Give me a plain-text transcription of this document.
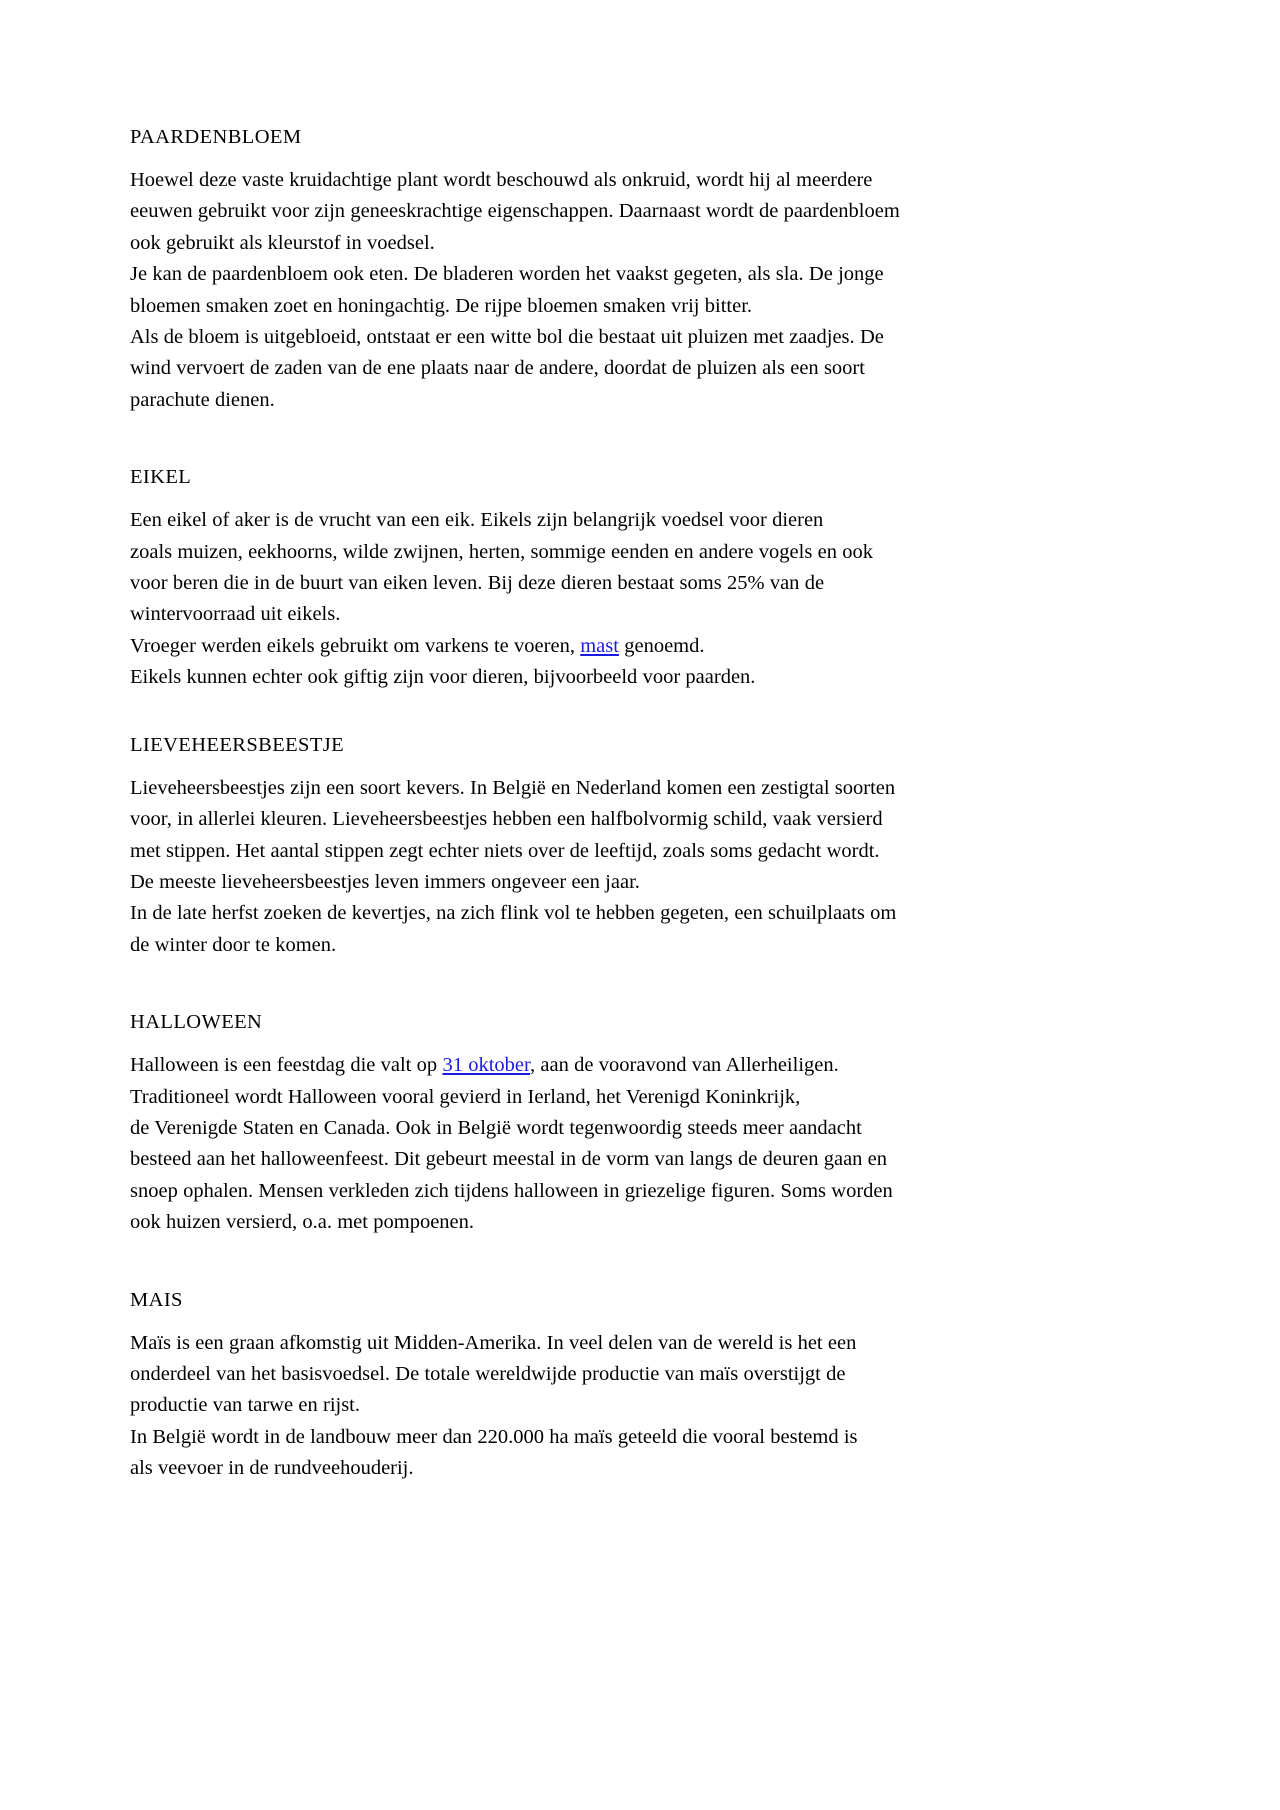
PAARDENBLOEM

Hoewel deze vaste kruidachtige plant wordt beschouwd als onkruid, wordt hij al meerdere
eeuwen gebruikt voor zijn geneeskrachtige eigenschappen. Daarnaast wordt de paardenbloem
ook gebruikt als kleurstof in voedsel.
Je kan de paardenbloem ook eten. De bladeren worden het vaakst gegeten, als sla. De jonge
bloemen smaken zoet en honingachtig. De rijpe bloemen smaken vrij bitter.
Als de bloem is uitgebloeid, ontstaat er een witte bol die bestaat uit pluizen met zaadjes. De
wind vervoert de zaden van de ene plaats naar de andere, doordat de pluizen als een soort
parachute dienen.

EIKEL

Een eikel of aker is de vrucht van een eik. Eikels zijn belangrijk voedsel voor dieren
zoals muizen, eekhoorns, wilde zwijnen, herten, sommige eenden en andere vogels en ook
voor beren die in de buurt van eiken leven. Bij deze dieren bestaat soms 25% van de
wintervoorraad uit eikels.
Vroeger werden eikels gebruikt om varkens te voeren, mast genoemd.
Eikels kunnen echter ook giftig zijn voor dieren, bijvoorbeeld voor paarden.

LIEVEHEERSBEESTJE

Lieveheersbeestjes zijn een soort kevers. In België en Nederland komen een zestigtal soorten
voor, in allerlei kleuren. Lieveheersbeestjes hebben een halfbolvormig schild, vaak versierd
met stippen. Het aantal stippen zegt echter niets over de leeftijd, zoals soms gedacht wordt.
De meeste lieveheersbeestjes leven immers ongeveer een jaar.
In de late herfst zoeken de kevertjes, na zich flink vol te hebben gegeten, een schuilplaats om
de winter door te komen.

HALLOWEEN

Halloween is een feestdag die valt op 31 oktober, aan de vooravond van Allerheiligen.
Traditioneel wordt Halloween vooral gevierd in Ierland, het Verenigd Koninkrijk,
de Verenigde Staten en Canada. Ook in België wordt tegenwoordig steeds meer aandacht
besteed aan het halloweenfeest. Dit gebeurt meestal in de vorm van langs de deuren gaan en
snoep ophalen. Mensen verkleden zich tijdens halloween in griezelige figuren. Soms worden
ook huizen versierd, o.a. met pompoenen.

MAIS

Maïs is een graan afkomstig uit Midden-Amerika. In veel delen van de wereld is het een
onderdeel van het basisvoedsel. De totale wereldwijde productie van maïs overstijgt de
productie van tarwe en rijst.
In België wordt in de landbouw meer dan 220.000 ha maïs geteeld die vooral bestemd is
als veevoer in de rundveehouderij.
